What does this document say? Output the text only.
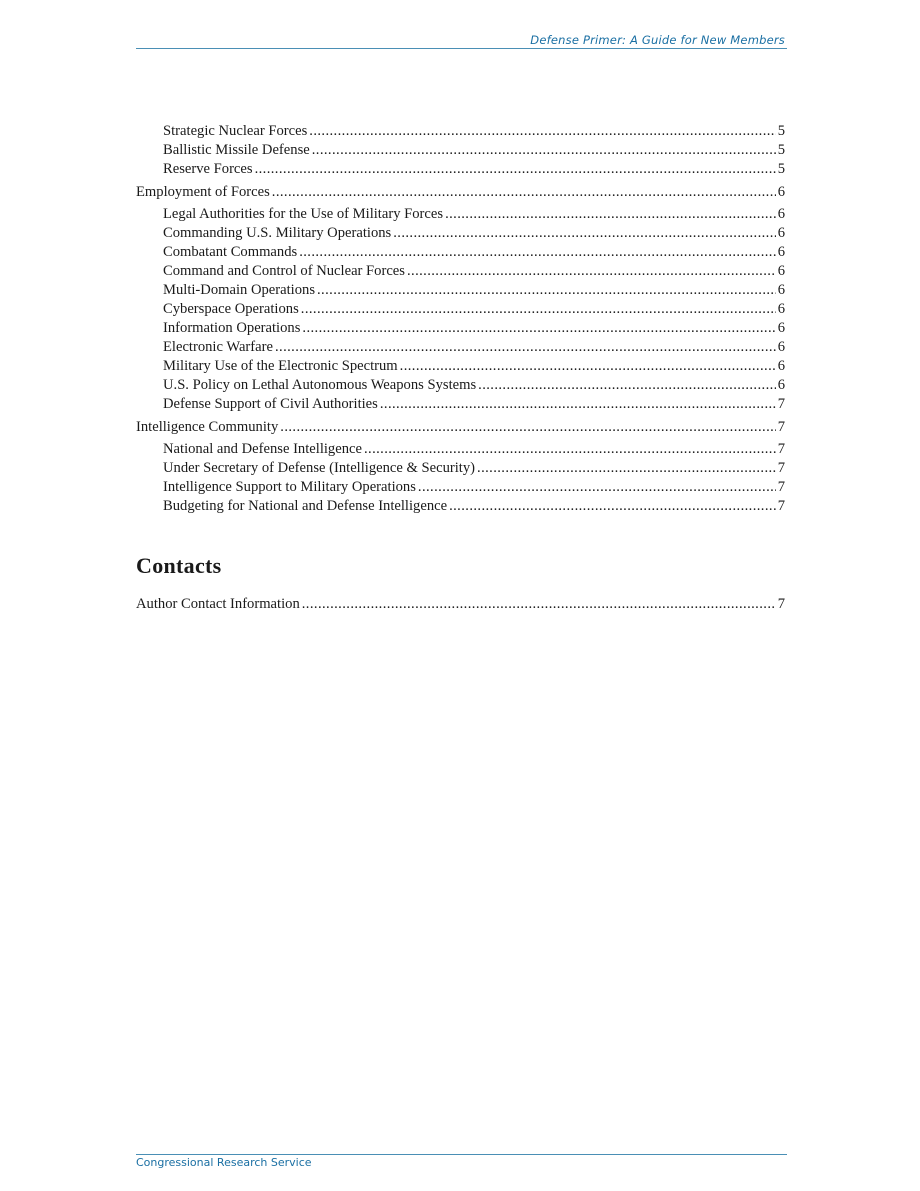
Defense Primer: A Guide for New Members
Strategic Nuclear Forces .....	5
Ballistic Missile Defense .....	5
Reserve Forces .....	5
Employment of Forces .....	6
Legal Authorities for the Use of Military Forces .....	6
Commanding U.S. Military Operations .....	6
Combatant Commands .....	6
Command and Control of Nuclear Forces .....	6
Multi-Domain Operations .....	6
Cyberspace Operations .....	6
Information Operations .....	6
Electronic Warfare .....	6
Military Use of the Electronic Spectrum .....	6
U.S. Policy on Lethal Autonomous Weapons Systems .....	6
Defense Support of Civil Authorities .....	7
Intelligence Community .....	7
National and Defense Intelligence .....	7
Under Secretary of Defense (Intelligence & Security) .....	7
Intelligence Support to Military Operations .....	7
Budgeting for National and Defense Intelligence .....	7
Contacts
Author Contact Information .....	7
Congressional Research Service
